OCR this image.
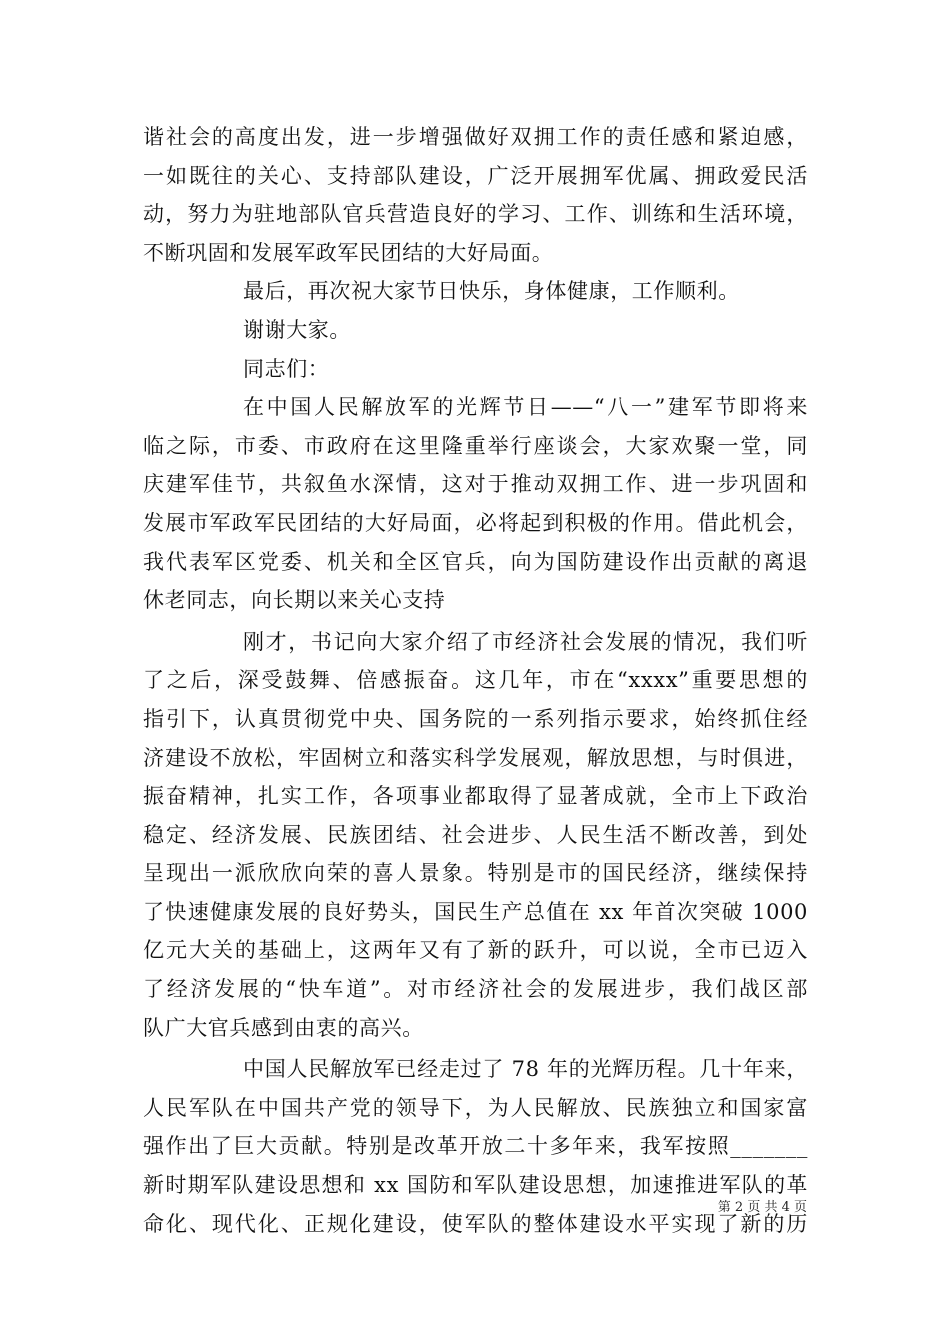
谐社会的高度出发，进一步增强做好双拥工作的责任感和紧迫感，
一如既往的关心、支持部队建设，广泛开展拥军优属、拥政爱民活
动，努力为驻地部队官兵营造良好的学习、工作、训练和生活环境，
不断巩固和发展军政军民团结的大好局面。
最后，再次祝大家节日快乐，身体健康，工作顺利。
谢谢大家。
同志们：
在中国人民解放军的光辉节日——“八一”建军节即将来
临之际，市委、市政府在这里隆重举行座谈会，大家欢聚一堂，同
庆建军佳节，共叙鱼水深情，这对于推动双拥工作、进一步巩固和
发展市军政军民团结的大好局面，必将起到积极的作用。借此机会，
我代表军区党委、机关和全区官兵，向为国防建设作出贡献的离退
休老同志，向长期以来关心支持
刚才，书记向大家介绍了市经济社会发展的情况，我们听
了之后，深受鼓舞、倍感振奋。这几年，市在“xxxx”重要思想的
指引下，认真贯彻党中央、国务院的一系列指示要求，始终抓住经
济建设不放松，牢固树立和落实科学发展观，解放思想，与时俱进，
振奋精神，扎实工作，各项事业都取得了显著成就，全市上下政治
稳定、经济发展、民族团结、社会进步、人民生活不断改善，到处
呈现出一派欣欣向荣的喜人景象。特别是市的国民经济，继续保持
了快速健康发展的良好势头，国民生产总值在 xx 年首次突破 1000
亿元大关的基础上，这两年又有了新的跃升，可以说，全市已迈入
了经济发展的“快车道”。对市经济社会的发展进步，我们战区部
队广大官兵感到由衷的高兴。
中国人民解放军已经走过了 78 年的光辉历程。几十年来，
人民军队在中国共产党的领导下，为人民解放、民族独立和国家富
强作出了巨大贡献。特别是改革开放二十多年来，我军按照_______
新时期军队建设思想和 xx 国防和军队建设思想，加速推进军队的革
命化、现代化、正规化建设，使军队的整体建设水平实现了新的历
第 2 页 共 4 页
